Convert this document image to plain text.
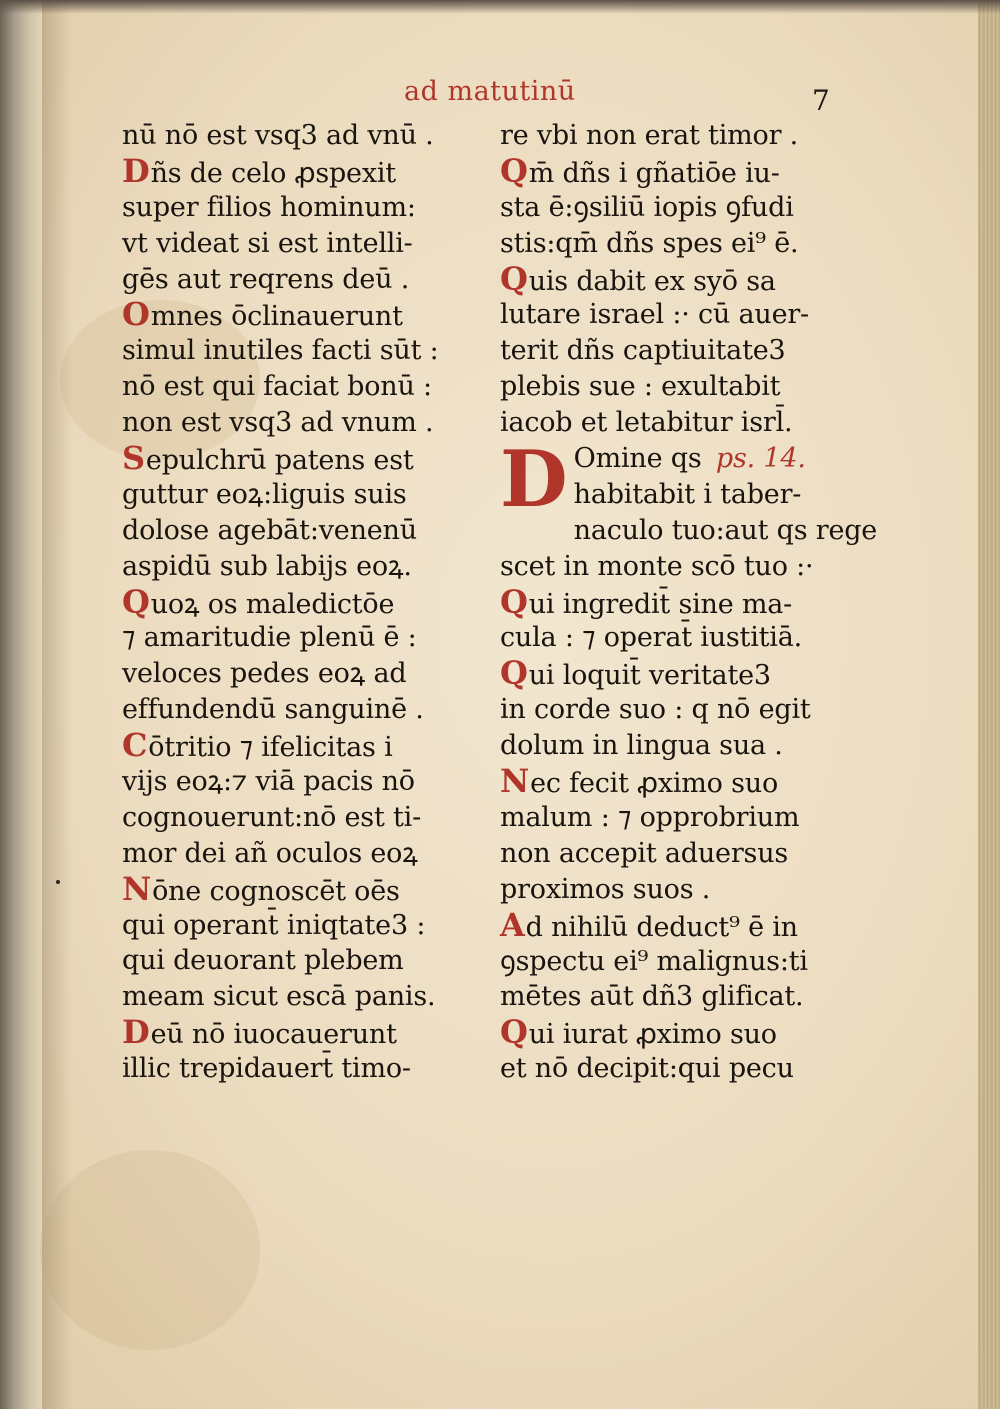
ad matutinū	7
nū nō est vsq3 ad vnū .
Dñs de celo ꝓspexit
super filios hominum:
vt videat si est intelli-
gēs aut reqrens deū .
Omnes ōclinauerunt
simul inutiles facti sūt :
nō est qui faciat bonū :
non est vsq3 ad vnum .
Sepulchrū patens est
guttur eoꝝ:liguis suis
dolose agebāt:venenū
aspidū sub labijs eoꝝ.
Quoꝝ os maledictōe
⁊ amaritudie plenū ē :
veloces pedes eoꝝ ad
effundendū sanguinē .
Cōtritio ⁊ ifelicitas i
vijs eoꝝ:⁊ viā pacis nō
cognouerunt:nō est ti-
mor dei añ oculos eoꝝ
Nōne cognoscēt oēs
qui operant̄ iniqtate3 :
qui deuorant plebem
meam sicut escā panis.
Deū nō iuocauerunt
illic trepidauert̄ timo-
re vbi non erat timor .
Qm̄ dñs i gñatiōe iu-
sta ē:ꝯsiliū iopis ꝯfudi
stis:qm̄ dñs spes ei⁹ ē.
Quis dabit ex syō sa
lutare israel :· cū auer-
terit dñs captiuitate3
plebis sue : exultabit
iacob et letabitur isrl̄.
D Omine qs ps. 14.
habitabit i taber-
naculo tuo:aut qs rege
scet in monte scō tuo :·
Qui ingredit̄ sine ma-
cula : ⁊ operat̄ iustitiā.
Qui loquit̄ veritate3
in corde suo : q nō egit
dolum in lingua sua .
Nec fecit ꝓximo suo
malum : ⁊ opprobrium
non accepit aduersus
proximos suos .
Ad nihilū deduct⁹ ē in
ꝯspectu ei⁹ malignus:ti
mētes aūt dñ3 glificat.
Qui iurat ꝓximo suo
et nō decipit:qui pecu
